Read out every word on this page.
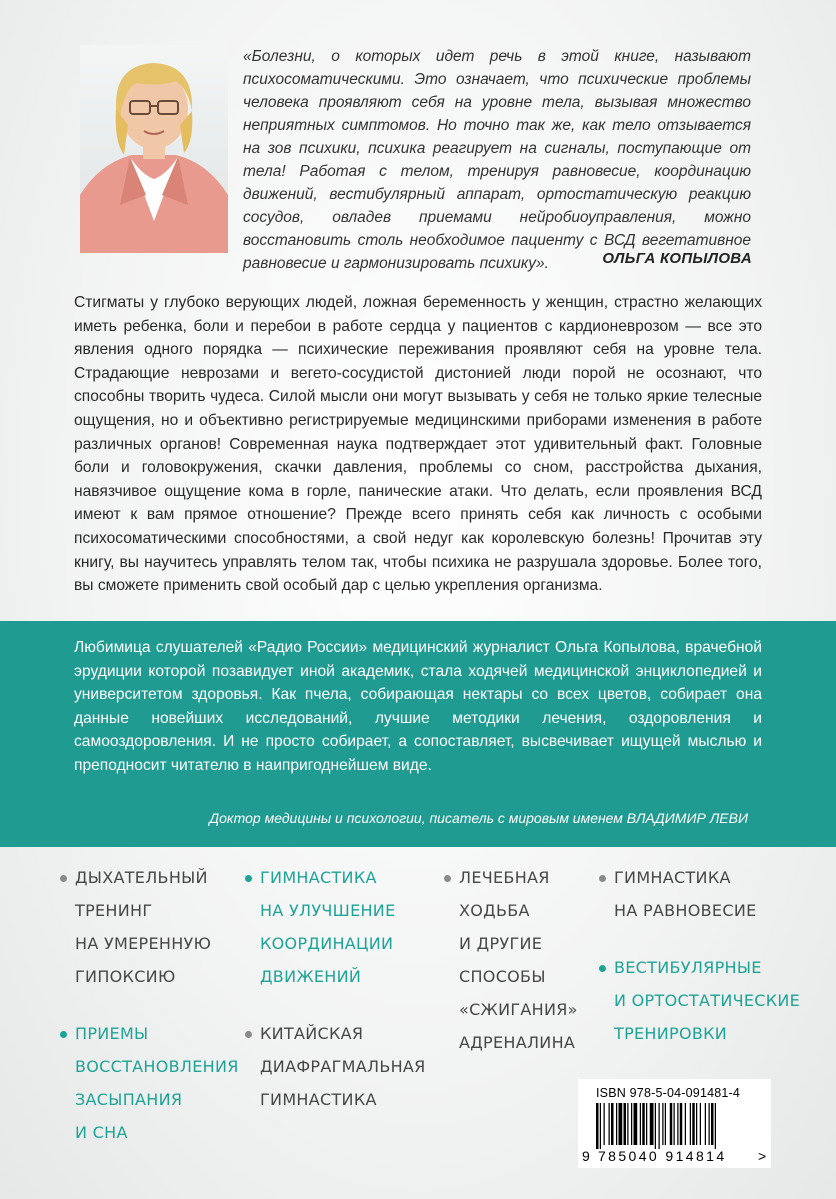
«Болезни, о которых идет речь в этой книге, называют психосоматическими. Это означает, что психические проблемы человека проявляют себя на уровне тела, вызывая множество неприятных симптомов. Но точно так же, как тело отзывается на зов психики, психика реагирует на сигналы, поступающие от тела! Работая с телом, тренируя равновесие, координацию движений, вестибулярный аппарат, ортостатическую реакцию сосудов, овладев приемами нейробиоуправления, можно восстановить столь необходимое пациенту с ВСД вегетативное равновесие и гармонизировать психику».	ОЛЬГА КОПЫЛОВА

Стигматы у глубоко верующих людей, ложная беременность у женщин, страстно желающих иметь ребенка, боли и перебои в работе сердца у пациентов с кардионеврозом — все это явления одного порядка — психические переживания проявляют себя на уровне тела. Страдающие неврозами и вегето-сосудистой дистонией люди порой не осознают, что способны творить чудеса. Силой мысли они могут вызывать у себя не только яркие телесные ощущения, но и объективно регистрируемые медицинскими приборами изменения в работе различных органов! Современная наука подтверждает этот удивительный факт. Головные боли и головокружения, скачки давления, проблемы со сном, расстройства дыхания, навязчивое ощущение кома в горле, панические атаки. Что делать, если проявления ВСД имеют к вам прямое отношение? Прежде всего принять себя как личность с особыми психосоматическими способностями, а свой недуг как королевскую болезнь! Прочитав эту книгу, вы научитесь управлять телом так, чтобы психика не разрушала здоровье. Более того, вы сможете применить свой особый дар с целью укрепления организма.

Любимица слушателей «Радио России» медицинский журналист Ольга Копылова, врачебной эрудиции которой позавидует иной академик, стала ходячей медицинской энциклопедией и университетом здоровья. Как пчела, собирающая нектары со всех цветов, собирает она данные новейших исследований, лучшие методики лечения, оздоровления и самооздоровления. И не просто собирает, а сопоставляет, высвечивает ищущей мыслью и преподносит читателю в наипригоднейшем виде.

Доктор медицины и психологии, писатель с мировым именем ВЛАДИМИР ЛЕВИ
ДЫХАТЕЛЬНЫЙ
ТРЕНИНГ
НА УМЕРЕННУЮ
ГИПОКСИЮ
ГИМНАСТИКА
НА УЛУЧШЕНИЕ
КООРДИНАЦИИ
ДВИЖЕНИЙ
ЛЕЧЕБНАЯ
ХОДЬБА
И ДРУГИЕ
СПОСОБЫ
«СЖИГАНИЯ»
АДРЕНАЛИНА
ГИМНАСТИКА
НА РАВНОВЕСИЕ
ВЕСТИБУЛЯРНЫЕ
И ОРТОСТАТИЧЕСКИЕ
ТРЕНИРОВКИ
ПРИЕМЫ
ВОССТАНОВЛЕНИЯ
ЗАСЫПАНИЯ
И СНА
КИТАЙСКАЯ
ДИАФРАГМАЛЬНАЯ
ГИМНАСТИКА	ISBN 978-5-04-091481-4
9 785040 914814 >
